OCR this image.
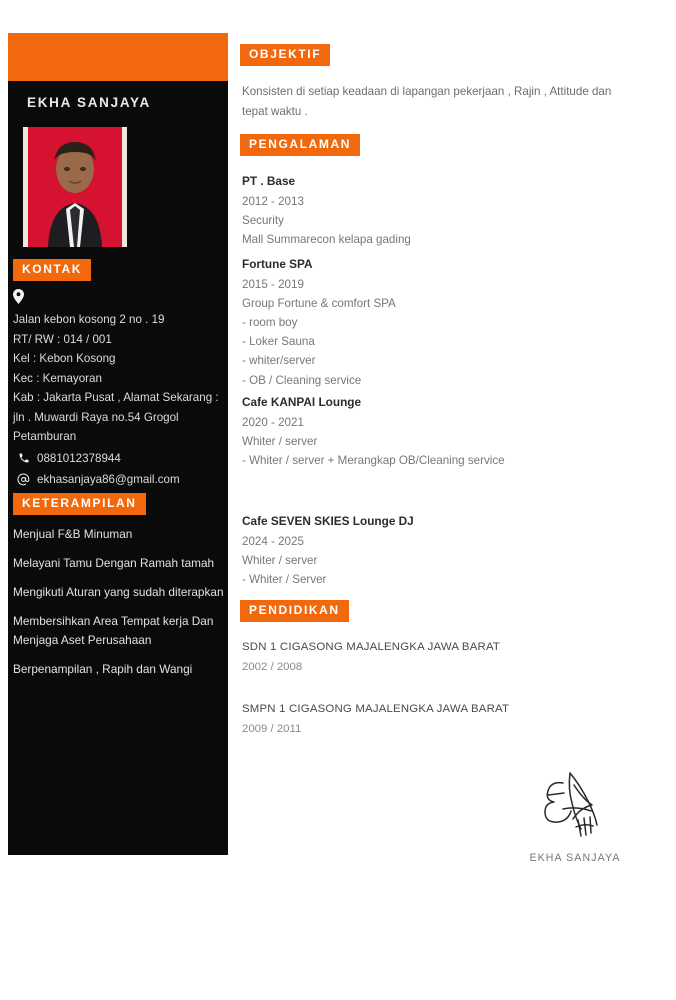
EKHA SANJAYA
KONTAK
Jalan kebon kosong 2 no . 19
RT/ RW : 014 / 001
Kel : Kebon Kosong
Kec : Kemayoran
Kab : Jakarta Pusat , Alamat Sekarang :
jln . Muwardi Raya no.54 Grogol
Petamburan
0881012378944
ekhasanjaya86@gmail.com
KETERAMPILAN
Menjual F&B Minuman
Melayani Tamu Dengan Ramah tamah
Mengikuti Aturan yang sudah diterapkan
Membersihkan Area Tempat kerja Dan Menjaga Aset Perusahaan
Berpenampilan , Rapih dan Wangi
OBJEKTIF
Konsisten di setiap keadaan di lapangan pekerjaan , Rajin , Attitude dan tepat waktu .
PENGALAMAN
PT . Base
2012 - 2013
Security
Mall Summarecon kelapa gading
Fortune SPA
2015 - 2019
Group Fortune & comfort SPA
- room boy
- Loker Sauna
- whiter/server
- OB / Cleaning service
Cafe KANPAI Lounge
2020 - 2021
Whiter / server
- Whiter / server + Merangkap OB/Cleaning service
Cafe SEVEN SKIES Lounge DJ
2024 - 2025
Whiter / server
- Whiter / Server
PENDIDIKAN
SDN 1 CIGASONG MAJALENGKA JAWA BARAT
2002 / 2008
SMPN 1 CIGASONG MAJALENGKA JAWA BARAT
2009 / 2011
EKHA SANJAYA
